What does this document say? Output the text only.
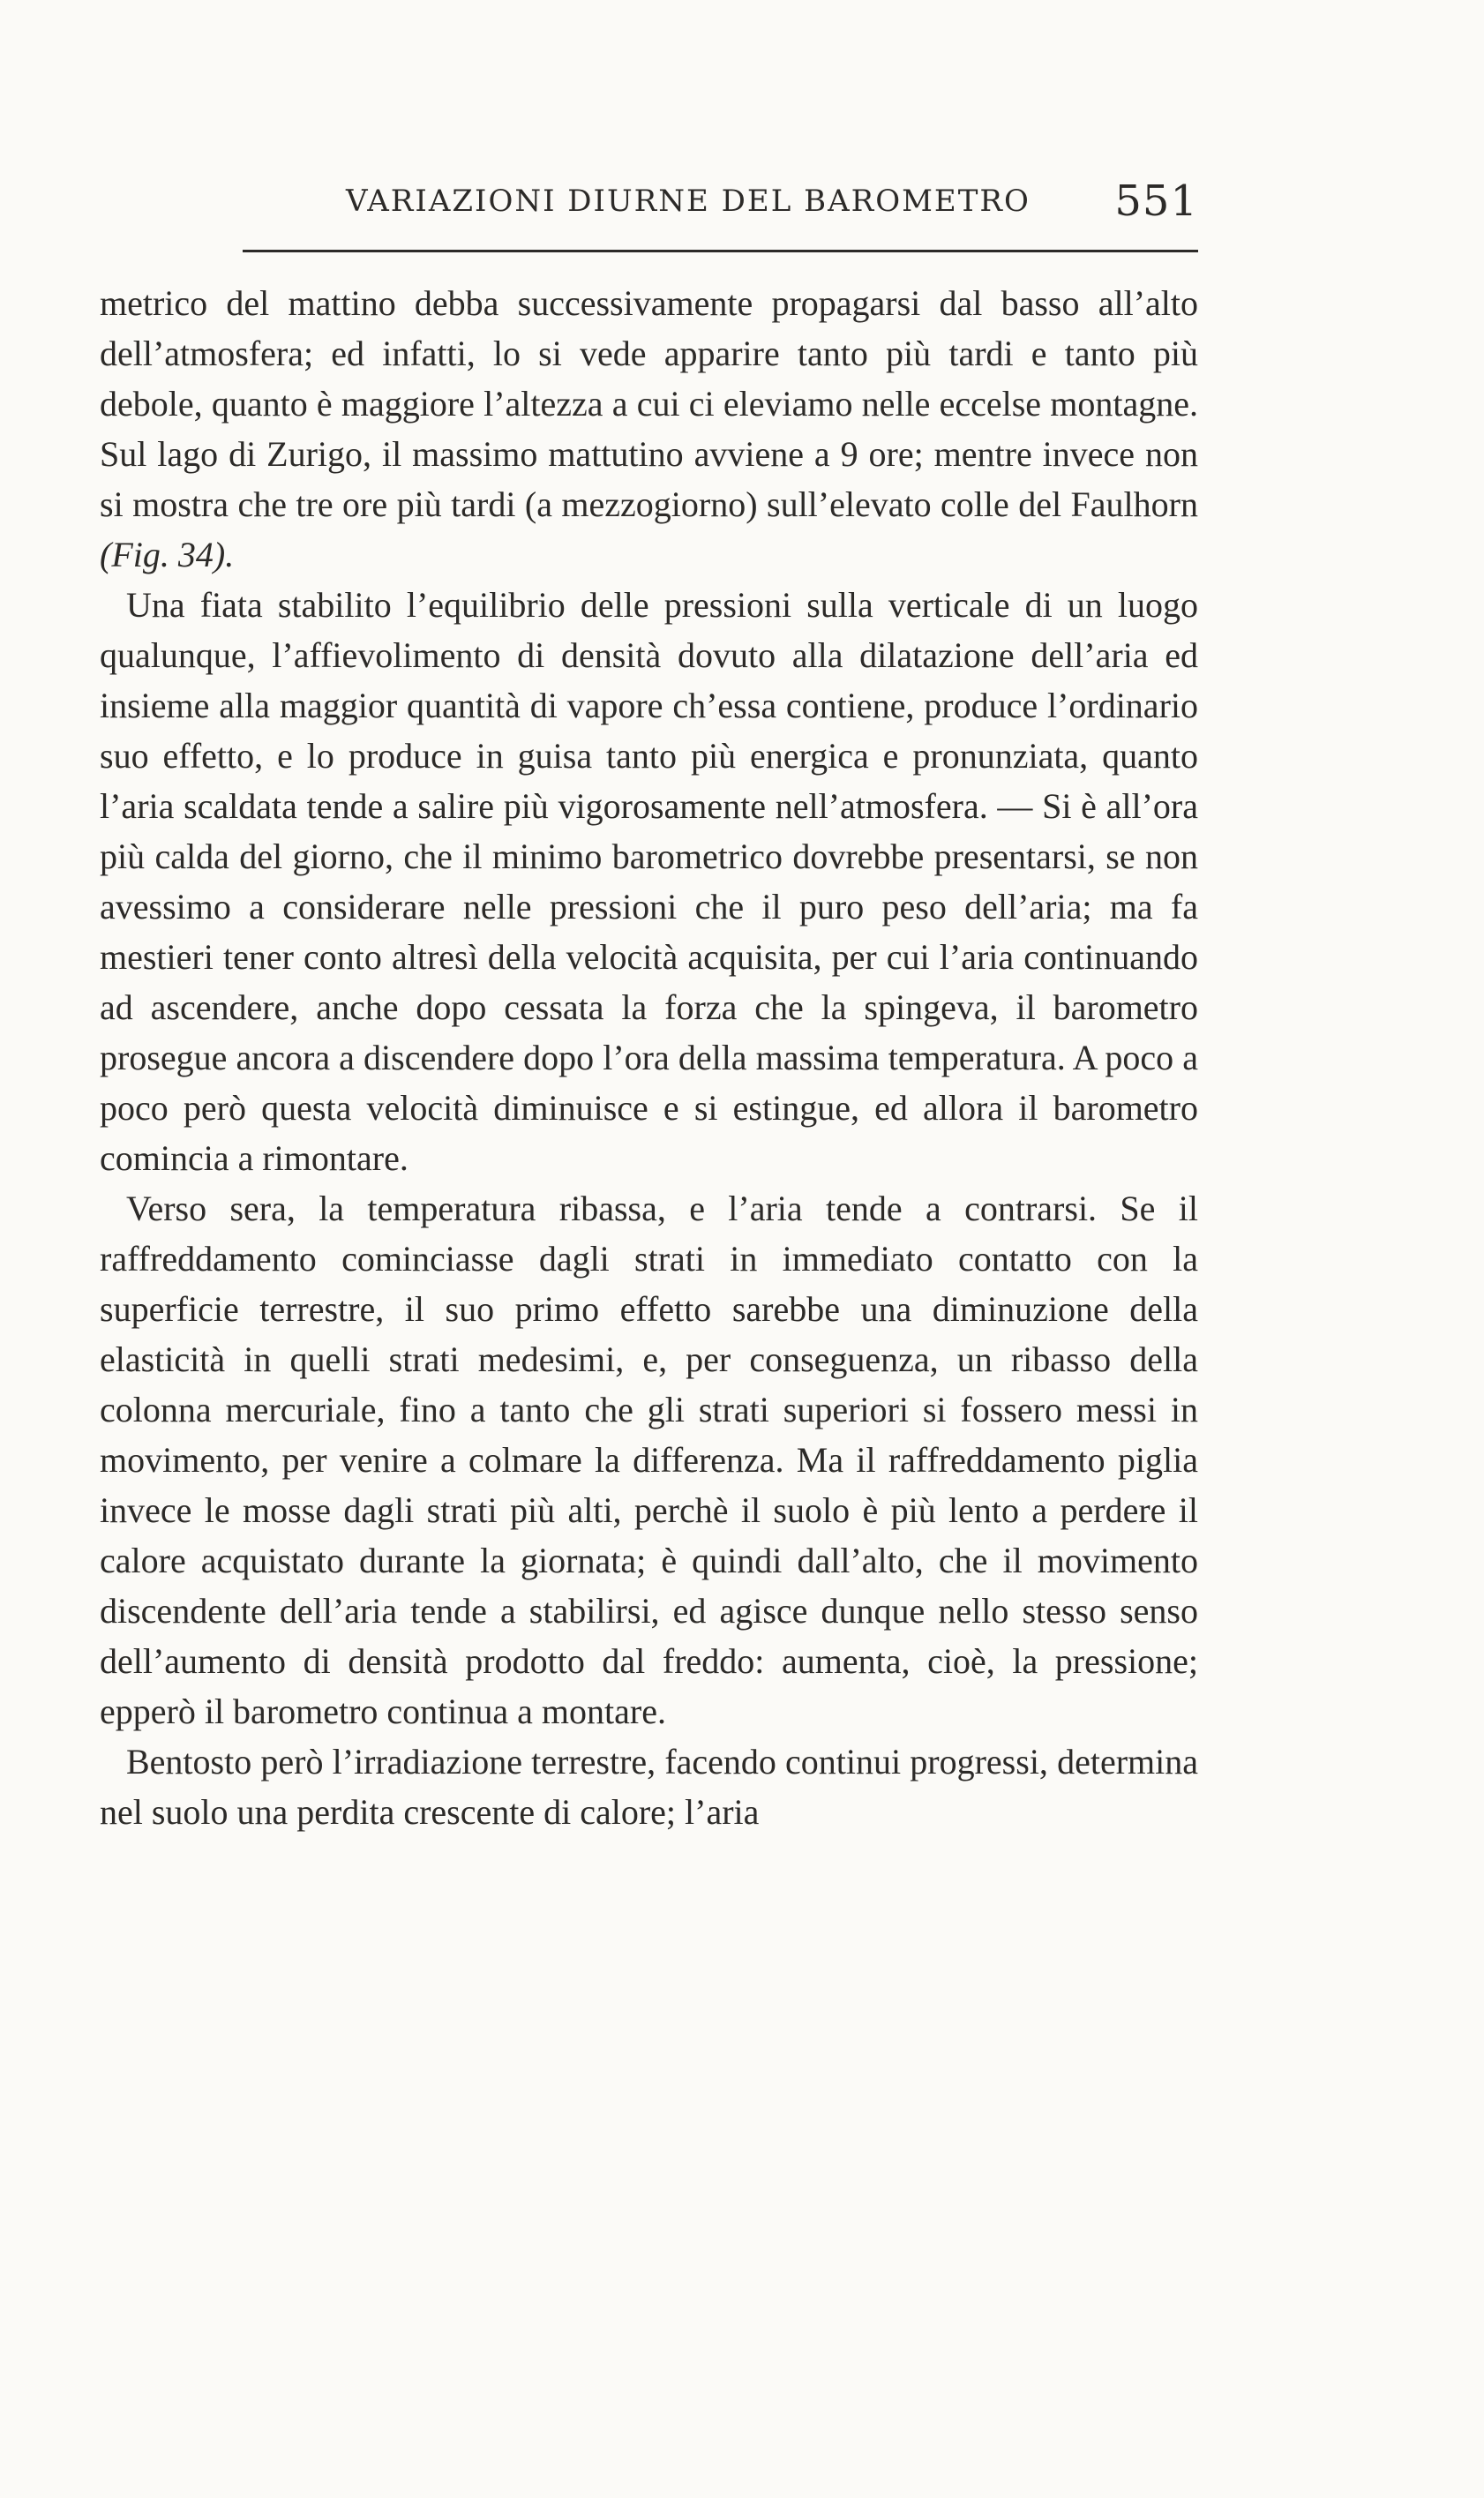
VARIAZIONI DIURNE DEL BAROMETRO 551

metrico del mattino debba successivamente propagarsi dal basso all’alto dell’atmosfera; ed infatti, lo si vede apparire tanto più tardi e tanto più debole, quanto è maggiore l’altezza a cui ci eleviamo nelle eccelse montagne. Sul lago di Zurigo, il massimo mattutino avviene a 9 ore; mentre invece non si mostra che tre ore più tardi (a mezzogiorno) sull’elevato colle del Faulhorn (Fig. 34).

Una fiata stabilito l’equilibrio delle pressioni sulla verticale di un luogo qualunque, l’affievolimento di densità dovuto alla dilatazione dell’aria ed insieme alla maggior quantità di vapore ch’essa contiene, produce l’ordinario suo effetto, e lo produce in guisa tanto più energica e pronunziata, quanto l’aria scaldata tende a salire più vigorosamente nell’atmosfera. — Si è all’ora più calda del giorno, che il minimo barometrico dovrebbe presentarsi, se non avessimo a considerare nelle pressioni che il puro peso dell’aria; ma fa mestieri tener conto altresì della velocità acquisita, per cui l’aria continuando ad ascendere, anche dopo cessata la forza che la spingeva, il barometro prosegue ancora a discendere dopo l’ora della massima temperatura. A poco a poco però questa velocità diminuisce e si estingue, ed allora il barometro comincia a rimontare.

Verso sera, la temperatura ribassa, e l’aria tende a contrarsi. Se il raffreddamento cominciasse dagli strati in immediato contatto con la superficie terrestre, il suo primo effetto sarebbe una diminuzione della elasticità in quelli strati medesimi, e, per conseguenza, un ribasso della colonna mercuriale, fino a tanto che gli strati superiori si fossero messi in movimento, per venire a colmare la differenza. Ma il raffreddamento piglia invece le mosse dagli strati più alti, perchè il suolo è più lento a perdere il calore acquistato durante la giornata; è quindi dall’alto, che il movimento discendente dell’aria tende a stabilirsi, ed agisce dunque nello stesso senso dell’aumento di densità prodotto dal freddo: aumenta, cioè, la pressione; epperò il barometro continua a montare.

Bentosto però l’irradiazione terrestre, facendo continui progressi, determina nel suolo una perdita crescente di calore; l’aria
